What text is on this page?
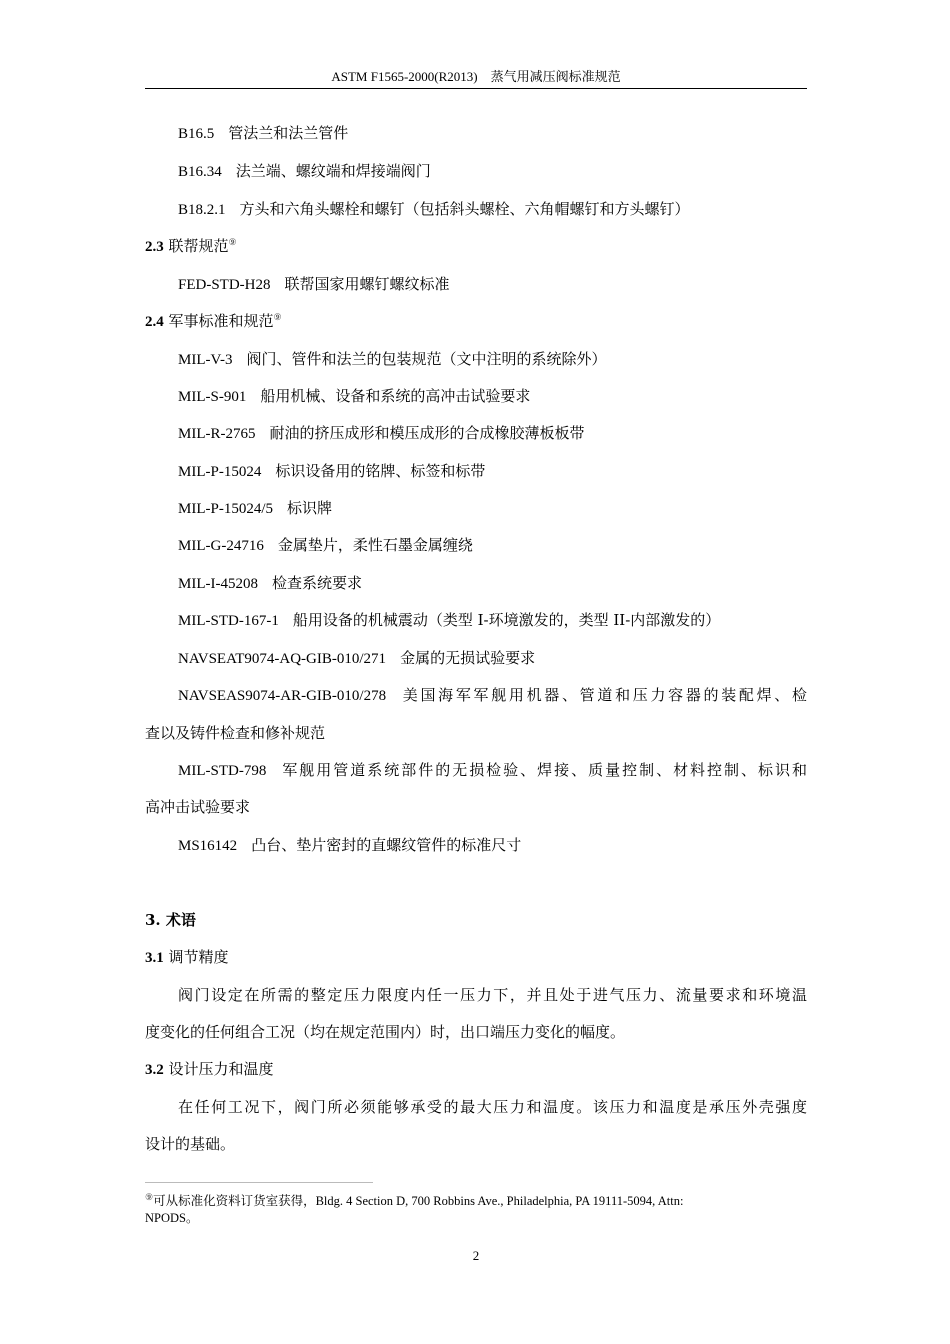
ASTM F1565-2000(R2013)　蒸气用减压阀标准规范
B16.5 管法兰和法兰管件
B16.34 法兰端、螺纹端和焊接端阀门
B18.2.1 方头和六角头螺栓和螺钉（包括斜头螺栓、六角帽螺钉和方头螺钉）
2.3 联帮规范⑨
FED-STD-H28 联帮国家用螺钉螺纹标准
2.4 军事标准和规范⑨
MIL-V-3 阀门、管件和法兰的包装规范（文中注明的系统除外）
MIL-S-901 船用机械、设备和系统的高冲击试验要求
MIL-R-2765 耐油的挤压成形和模压成形的合成橡胶薄板板带
MIL-P-15024 标识设备用的铭牌、标签和标带
MIL-P-15024/5 标识牌
MIL-G-24716 金属垫片，柔性石墨金属缠绕
MIL-I-45208 检查系统要求
MIL-STD-167-1 船用设备的机械震动（类型 I-环境激发的，类型 II-内部激发的）
NAVSEAT9074-AQ-GIB-010/271 金属的无损试验要求
NAVSEAS9074-AR-GIB-010/278 美国海军军舰用机器、管道和压力容器的装配焊、检
查以及铸件检查和修补规范
MIL-STD-798 军舰用管道系统部件的无损检验、焊接、质量控制、材料控制、标识和
高冲击试验要求
MS16142 凸台、垫片密封的直螺纹管件的标准尺寸
3. 术语
3.1 调节精度
阀门设定在所需的整定压力限度内任一压力下，并且处于进气压力、流量要求和环境温
度变化的任何组合工况（均在规定范围内）时，出口端压力变化的幅度。
3.2 设计压力和温度
在任何工况下，阀门所必须能够承受的最大压力和温度。该压力和温度是承压外壳强度
设计的基础。
⑨可从标准化资料订货室获得，Bldg. 4 Section D, 700 Robbins Ave., Philadelphia, PA 19111-5094, Attn:
NPODS。
2
